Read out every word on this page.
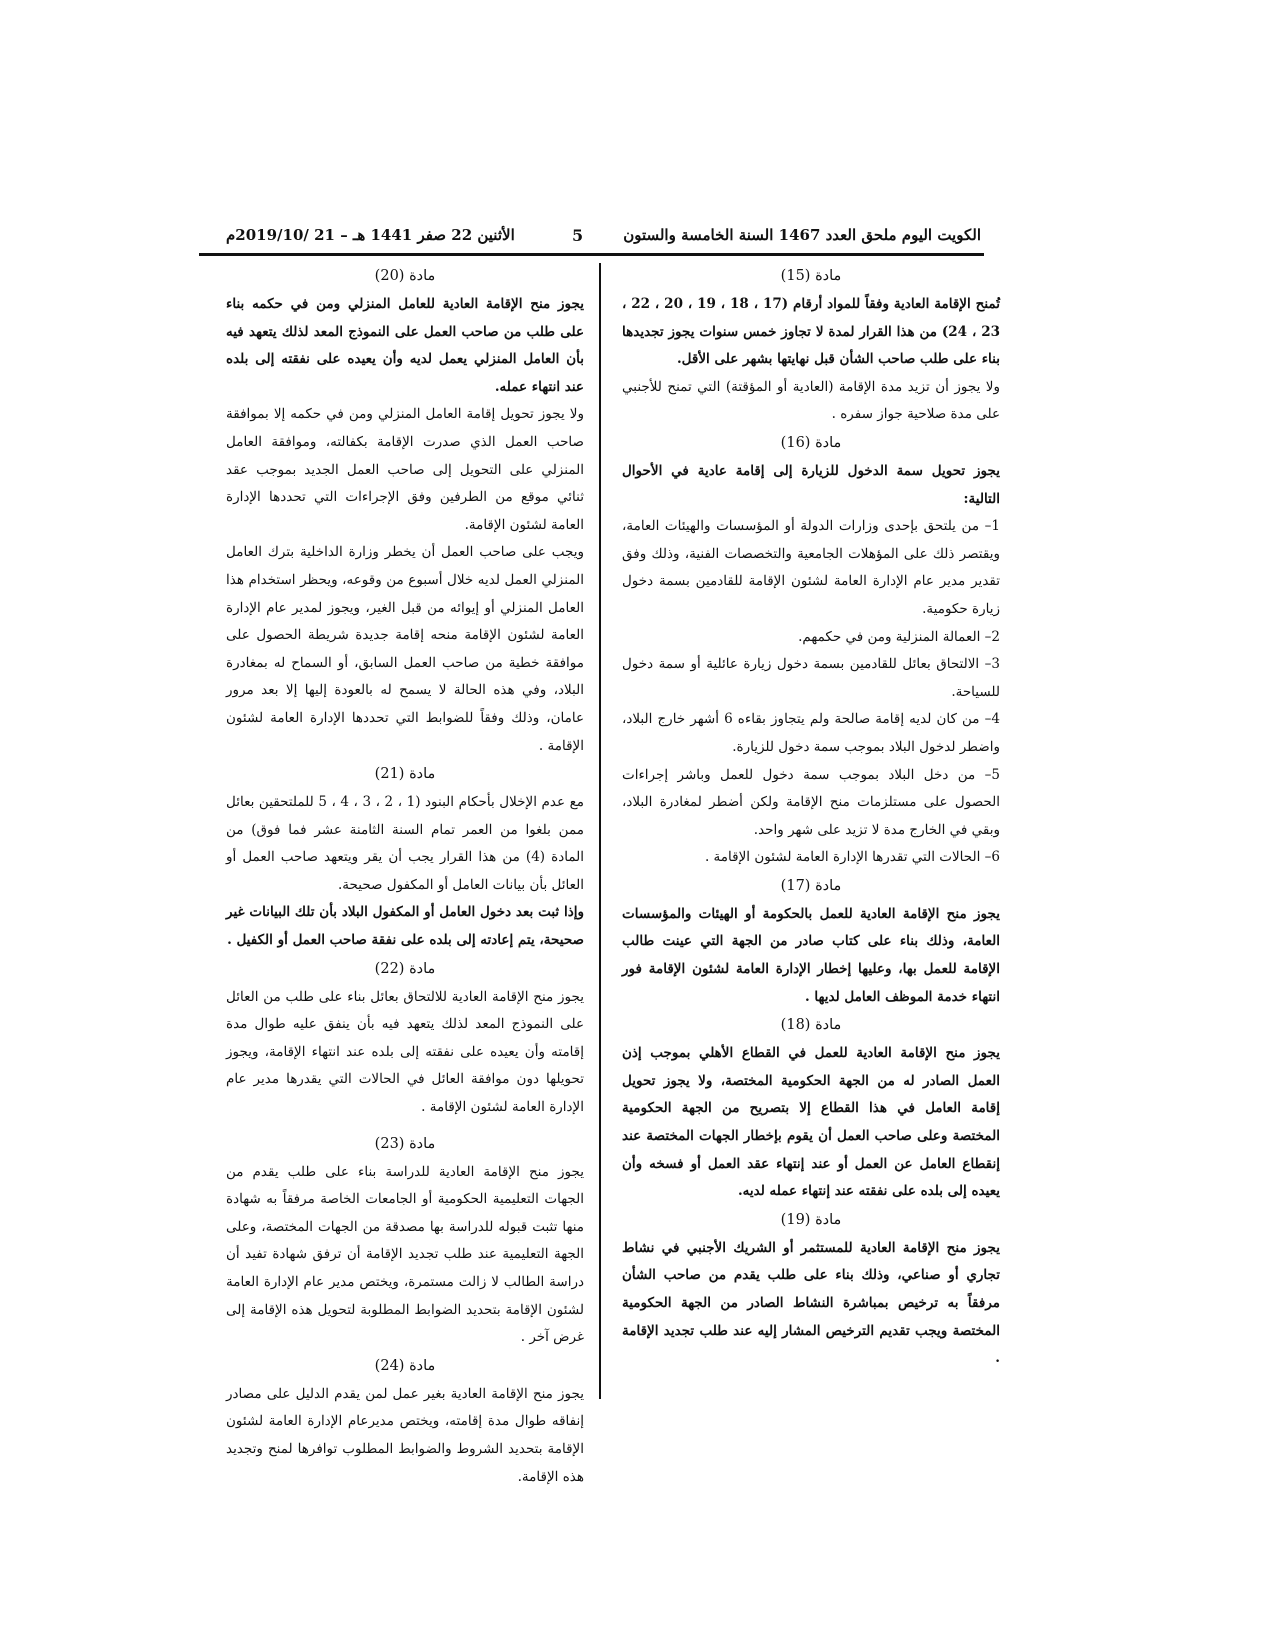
الكويت اليوم ملحق العدد 1467 السنة الخامسة والستون
5
الأثنين 22 صفر 1441 هـ – 21 /2019/10م

مادة (15)

تُمنح الإقامة العادية وفقاً للمواد أرقام (17 ، 18 ، 19 ، 20 ، 22 ، 23 ، 24) من هذا القرار لمدة لا تجاوز خمس سنوات يجوز تجديدها بناء على طلب صاحب الشأن قبل نهايتها بشهر على الأقل.

ولا يجوز أن تزيد مدة الإقامة (العادية أو المؤقتة) التي تمنح للأجنبي على مدة صلاحية جواز سفره .

مادة (16)

يجوز تحويل سمة الدخول للزيارة إلى إقامة عادية في الأحوال التالية:

1– من يلتحق بإحدى وزارات الدولة أو المؤسسات والهيئات العامة، ويقتصر ذلك على المؤهلات الجامعية والتخصصات الفنية، وذلك وفق تقدير مدير عام الإدارة العامة لشئون الإقامة للقادمين بسمة دخول زيارة حكومية.

2– العمالة المنزلية ومن في حكمهم.

3– الالتحاق بعائل للقادمين بسمة دخول زيارة عائلية أو سمة دخول للسياحة.

4– من كان لديه إقامة صالحة ولم يتجاوز بقاءه 6 أشهر خارج البلاد، واضطر لدخول البلاد بموجب سمة دخول للزيارة.

5– من دخل البلاد بموجب سمة دخول للعمل وباشر إجراءات الحصول على مستلزمات منح الإقامة ولكن أضطر لمغادرة البلاد، وبقي في الخارج مدة لا تزيد على شهر واحد.

6– الحالات التي تقدرها الإدارة العامة لشئون الإقامة .

مادة (17)

يجوز منح الإقامة العادية للعمل بالحكومة أو الهيئات والمؤسسات العامة، وذلك بناء على كتاب صادر من الجهة التي عينت طالب الإقامة للعمل بها، وعليها إخطار الإدارة العامة لشئون الإقامة فور انتهاء خدمة الموظف العامل لديها .

مادة (18)

يجوز منح الإقامة العادية للعمل في القطاع الأهلي بموجب إذن العمل الصادر له من الجهة الحكومية المختصة، ولا يجوز تحويل إقامة العامل في هذا القطاع إلا بتصريح من الجهة الحكومية المختصة وعلى صاحب العمل أن يقوم بإخطار الجهات المختصة عند إنقطاع العامل عن العمل أو عند إنتهاء عقد العمل أو فسخه وأن يعيده إلى بلده على نفقته عند إنتهاء عمله لديه.

مادة (19)

يجوز منح الإقامة العادية للمستثمر أو الشريك الأجنبي في نشاط تجاري أو صناعي، وذلك بناء على طلب يقدم من صاحب الشأن مرفقاً به ترخيص بمباشرة النشاط الصادر من الجهة الحكومية المختصة ويجب تقديم الترخيص المشار إليه عند طلب تجديد الإقامة .

مادة (20)

يجوز منح الإقامة العادية للعامل المنزلي ومن في حكمه بناء على طلب من صاحب العمل على النموذج المعد لذلك يتعهد فيه بأن العامل المنزلي يعمل لديه وأن يعيده على نفقته إلى بلده عند انتهاء عمله.

ولا يجوز تحويل إقامة العامل المنزلي ومن في حكمه إلا بموافقة صاحب العمل الذي صدرت الإقامة بكفالته، وموافقة العامل المنزلي على التحويل إلى صاحب العمل الجديد بموجب عقد ثنائي موقع من الطرفين وفق الإجراءات التي تحددها الإدارة العامة لشئون الإقامة.

ويجب على صاحب العمل أن يخطر وزارة الداخلية بترك العامل المنزلي العمل لديه خلال أسبوع من وقوعه، ويحظر استخدام هذا العامل المنزلي أو إيوائه من قبل الغير، ويجوز لمدير عام الإدارة العامة لشئون الإقامة منحه إقامة جديدة شريطة الحصول على موافقة خطية من صاحب العمل السابق، أو السماح له بمغادرة البلاد، وفي هذه الحالة لا يسمح له بالعودة إليها إلا بعد مرور عامان، وذلك وفقاً للضوابط التي تحددها الإدارة العامة لشئون الإقامة .

مادة (21)

مع عدم الإخلال بأحكام البنود (1 ، 2 ، 3 ، 4 ، 5 للملتحقين بعائل ممن بلغوا من العمر تمام السنة الثامنة عشر فما فوق) من المادة (4) من هذا القرار يجب أن يقر ويتعهد صاحب العمل أو العائل بأن بيانات العامل أو المكفول صحيحة.

وإذا ثبت بعد دخول العامل أو المكفول البلاد بأن تلك البيانات غير صحيحة، يتم إعادته إلى بلده على نفقة صاحب العمل أو الكفيل .

مادة (22)

يجوز منح الإقامة العادية للالتحاق بعائل بناء على طلب من العائل على النموذج المعد لذلك يتعهد فيه بأن ينفق عليه طوال مدة إقامته وأن يعيده على نفقته إلى بلده عند انتهاء الإقامة، ويجوز تحويلها دون موافقة العائل في الحالات التي يقدرها مدير عام الإدارة العامة لشئون الإقامة .

مادة (23)

يجوز منح الإقامة العادية للدراسة بناء على طلب يقدم من الجهات التعليمية الحكومية أو الجامعات الخاصة مرفقاً به شهادة منها تثبت قبوله للدراسة بها مصدقة من الجهات المختصة، وعلى الجهة التعليمية عند طلب تجديد الإقامة أن ترفق شهادة تفيد أن دراسة الطالب لا زالت مستمرة، ويختص مدير عام الإدارة العامة لشئون الإقامة بتحديد الضوابط المطلوبة لتحويل هذه الإقامة إلى غرض آخر .

مادة (24)

يجوز منح الإقامة العادية بغير عمل لمن يقدم الدليل على مصادر إنفاقه طوال مدة إقامته، ويختص مديرعام الإدارة العامة لشئون الإقامة بتحديد الشروط والضوابط المطلوب توافرها لمنح وتجديد هذه الإقامة.
